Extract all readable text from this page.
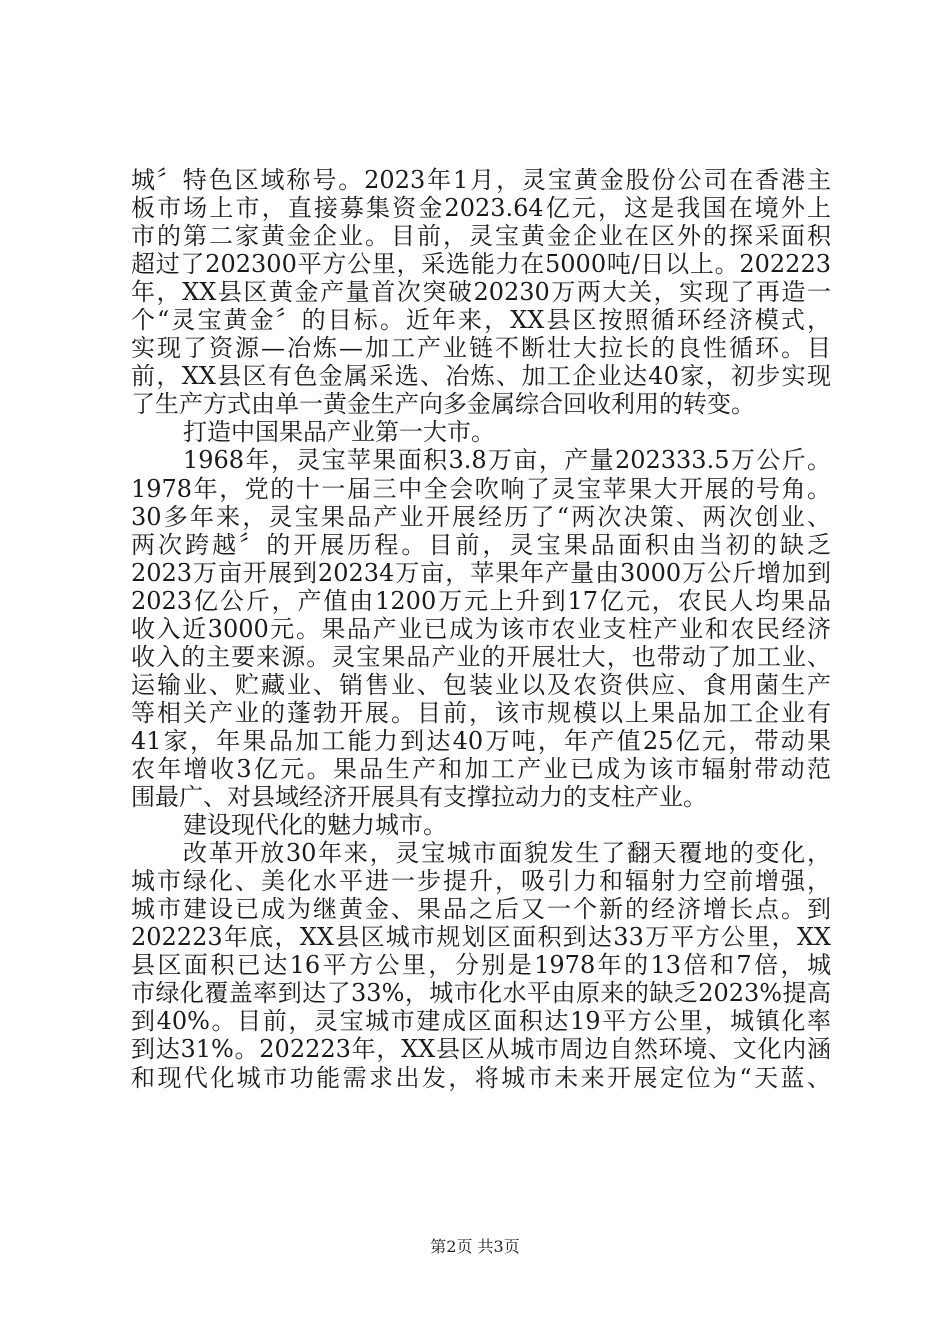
城〞特色区域称号。2023年1月，灵宝黄金股份公司在香港主
板市场上市，直接募集资金2023.64亿元，这是我国在境外上
市的第二家黄金企业。目前，灵宝黄金企业在区外的探采面积
超过了202300平方公里，采选能力在5000吨/日以上。202223
年，XX县区黄金产量首次突破20230万两大关，实现了再造一
个“灵宝黄金〞的目标。近年来，XX县区按照循环经济模式，
实现了资源—冶炼—加工产业链不断壮大拉长的良性循环。目
前，XX县区有色金属采选、冶炼、加工企业达40家，初步实现
了生产方式由单一黄金生产向多金属综合回收利用的转变。
打造中国果品产业第一大市。
1968年，灵宝苹果面积3.8万亩，产量202333.5万公斤。
1978年，党的十一届三中全会吹响了灵宝苹果大开展的号角。
30多年来，灵宝果品产业开展经历了“两次决策、两次创业、
两次跨越〞的开展历程。目前，灵宝果品面积由当初的缺乏
2023万亩开展到20234万亩，苹果年产量由3000万公斤增加到
2023亿公斤，产值由1200万元上升到17亿元，农民人均果品
收入近3000元。果品产业已成为该市农业支柱产业和农民经济
收入的主要来源。灵宝果品产业的开展壮大，也带动了加工业、
运输业、贮藏业、销售业、包装业以及农资供应、食用菌生产
等相关产业的蓬勃开展。目前，该市规模以上果品加工企业有
41家，年果品加工能力到达40万吨，年产值25亿元，带动果
农年增收3亿元。果品生产和加工产业已成为该市辐射带动范
围最广、对县域经济开展具有支撑拉动力的支柱产业。
建设现代化的魅力城市。
改革开放30年来，灵宝城市面貌发生了翻天覆地的变化，
城市绿化、美化水平进一步提升，吸引力和辐射力空前增强，
城市建设已成为继黄金、果品之后又一个新的经济增长点。到
202223年底，XX县区城市规划区面积到达33万平方公里，XX
县区面积已达16平方公里，分别是1978年的13倍和7倍，城
市绿化覆盖率到达了33%，城市化水平由原来的缺乏2023%提高
到40%。目前，灵宝城市建成区面积达19平方公里，城镇化率
到达31%。202223年，XX县区从城市周边自然环境、文化内涵
和现代化城市功能需求出发，将城市未来开展定位为“天蓝、
第2页 共3页
